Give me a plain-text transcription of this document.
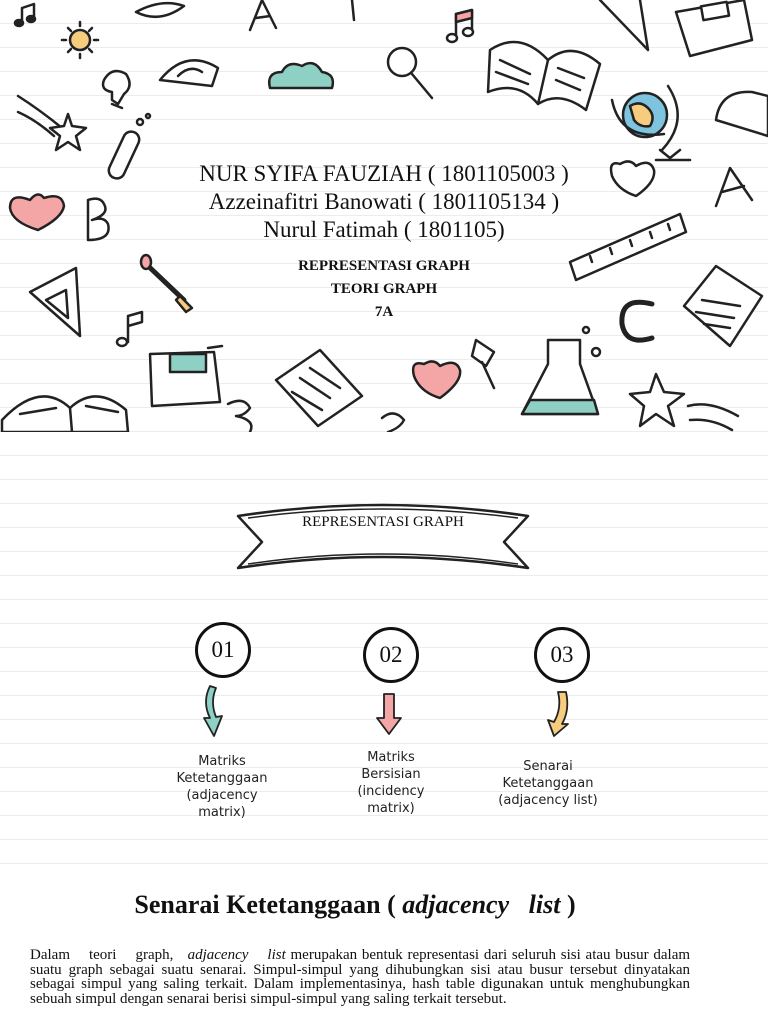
NUR SYIFA FAUZIAH ( 1801105003 )
Azzeinafitri Banowati ( 1801105134 )
Nurul Fatimah ( 1801105)
REPRESENTASI GRAPH
TEORI GRAPH
7A
REPRESENTASI GRAPH
01	02	03
Matriks
Ketetanggaan
(adjacency
matrix)
Matriks
Bersisian
(incidency
matrix)
Senarai
Ketetanggaan
(adjacency list)
Senarai Ketetanggaan ( adjacency   list )
Dalam    teori    graph,   adjacency    list merupakan bentuk representasi dari seluruh sisi atau busur dalam suatu graph sebagai suatu senarai. Simpul-simpul yang dihubungkan sisi atau busur tersebut dinyatakan sebagai simpul yang saling terkait. Dalam implementasinya, hash table digunakan untuk menghubungkan sebuah simpul dengan senarai berisi simpul-simpul yang saling terkait tersebut.
